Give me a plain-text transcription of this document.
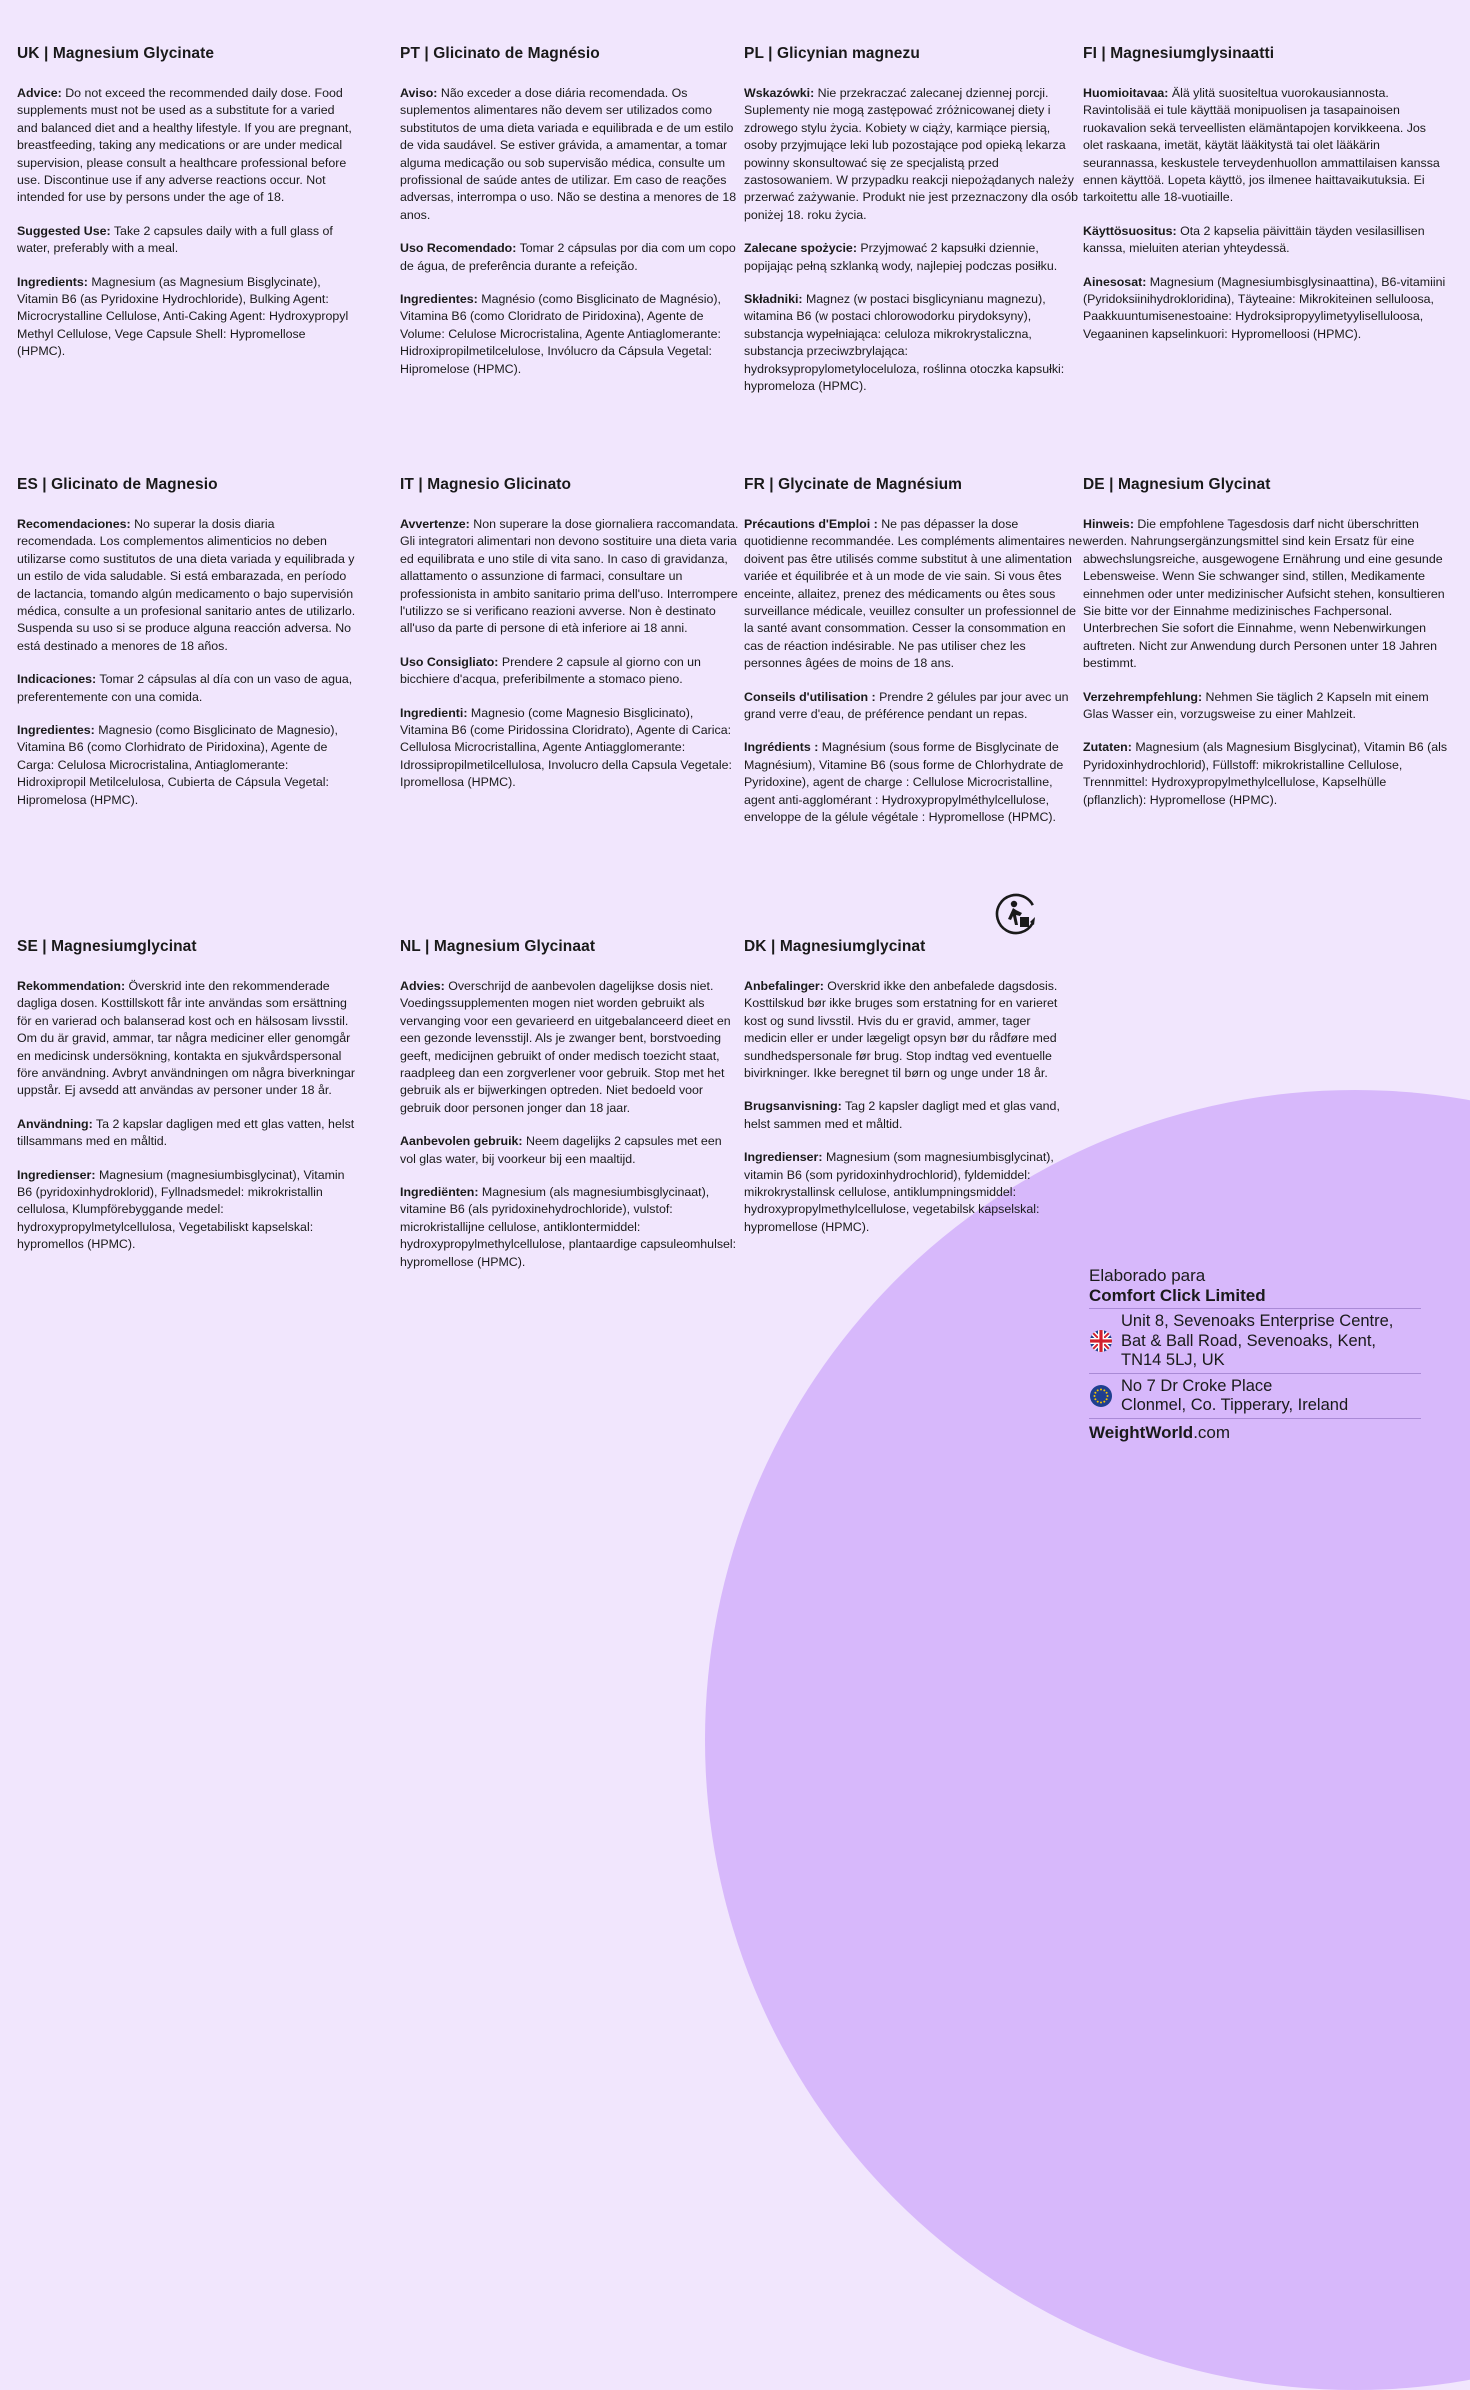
UK | Magnesium Glycinate

Advice: Do not exceed the recommended daily dose. Food supplements must not be used as a substitute for a varied and balanced diet and a healthy lifestyle. If you are pregnant, breastfeeding, taking any medications or are under medical supervision, please consult a healthcare professional before use. Discontinue use if any adverse reactions occur. Not intended for use by persons under the age of 18.

Suggested Use: Take 2 capsules daily with a full glass of water, preferably with a meal.

Ingredients: Magnesium (as Magnesium Bisglycinate), Vitamin B6 (as Pyridoxine Hydrochloride), Bulking Agent: Microcrystalline Cellulose, Anti-Caking Agent: Hydroxypropyl Methyl Cellulose, Vege Capsule Shell: Hypromellose (HPMC).

PT | Glicinato de Magnésio

Aviso: Não exceder a dose diária recomendada. Os suplementos alimentares não devem ser utilizados como substitutos de uma dieta variada e equilibrada e de um estilo de vida saudável. Se estiver grávida, a amamentar, a tomar alguma medicação ou sob supervisão médica, consulte um profissional de saúde antes de utilizar. Em caso de reações adversas, interrompa o uso. Não se destina a menores de 18 anos.

Uso Recomendado: Tomar 2 cápsulas por dia com um copo de água, de preferência durante a refeição.

Ingredientes: Magnésio (como Bisglicinato de Magnésio), Vitamina B6 (como Cloridrato de Piridoxina), Agente de Volume: Celulose Microcristalina, Agente Antiaglomerante: Hidroxipropilmetilcelulose, Invólucro da Cápsula Vegetal: Hipromelose (HPMC).

PL | Glicynian magnezu

Wskazówki: Nie przekraczać zalecanej dziennej porcji. Suplementy nie mogą zastępować zróżnicowanej diety i zdrowego stylu życia. Kobiety w ciąży, karmiące piersią, osoby przyjmujące leki lub pozostające pod opieką lekarza powinny skonsultować się ze specjalistą przed zastosowaniem. W przypadku reakcji niepożądanych należy przerwać zażywanie. Produkt nie jest przeznaczony dla osób poniżej 18. roku życia.

Zalecane spożycie: Przyjmować 2 kapsułki dziennie, popijając pełną szklanką wody, najlepiej podczas posiłku.

Składniki: Magnez (w postaci bisglicynianu magnezu), witamina B6 (w postaci chlorowodorku pirydoksyny), substancja wypełniająca: celuloza mikrokrystaliczna, substancja przeciwzbrylająca: hydroksypropylometyloceluloza, roślinna otoczka kapsułki: hypromeloza (HPMC).

FI | Magnesiumglysinaatti

Huomioitavaa: Älä ylitä suositeltua vuorokausiannosta. Ravintolisää ei tule käyttää monipuolisen ja tasapainoisen ruokavalion sekä terveellisten elämäntapojen korvikkeena. Jos olet raskaana, imetät, käytät lääkitystä tai olet lääkärin seurannassa, keskustele terveydenhuollon ammattilaisen kanssa ennen käyttöä. Lopeta käyttö, jos ilmenee haittavaikutuksia. Ei tarkoitettu alle 18-vuotiaille.

Käyttösuositus: Ota 2 kapselia päivittäin täyden vesilasillisen kanssa, mieluiten aterian yhteydessä.

Ainesosat: Magnesium (Magnesiumbisglysinaattina), B6-vitamiini (Pyridoksiinihydrokloridina), Täyteaine: Mikrokiteinen selluloosa, Paakkuuntumisenestoaine: Hydroksipropyylimetyyliselluloosa, Vegaaninen kapselinkuori: Hypromelloosi (HPMC).

ES | Glicinato de Magnesio

Recomendaciones: No superar la dosis diaria recomendada. Los complementos alimenticios no deben utilizarse como sustitutos de una dieta variada y equilibrada y un estilo de vida saludable. Si está embarazada, en período de lactancia, tomando algún medicamento o bajo supervisión médica, consulte a un profesional sanitario antes de utilizarlo. Suspenda su uso si se produce alguna reacción adversa. No está destinado a menores de 18 años.

Indicaciones: Tomar 2 cápsulas al día con un vaso de agua, preferentemente con una comida.

Ingredientes: Magnesio (como Bisglicinato de Magnesio), Vitamina B6 (como Clorhidrato de Piridoxina), Agente de Carga: Celulosa Microcristalina, Antiaglomerante: Hidroxipropil Metilcelulosa, Cubierta de Cápsula Vegetal: Hipromelosa (HPMC).

IT | Magnesio Glicinato

Avvertenze: Non superare la dose giornaliera raccomandata. Gli integratori alimentari non devono sostituire una dieta varia ed equilibrata e uno stile di vita sano. In caso di gravidanza, allattamento o assunzione di farmaci, consultare un professionista in ambito sanitario prima dell'uso. Interrompere l'utilizzo se si verificano reazioni avverse. Non è destinato all'uso da parte di persone di età inferiore ai 18 anni.

Uso Consigliato: Prendere 2 capsule al giorno con un bicchiere d'acqua, preferibilmente a stomaco pieno.

Ingredienti: Magnesio (come Magnesio Bisglicinato), Vitamina B6 (come Piridossina Cloridrato), Agente di Carica: Cellulosa Microcristallina, Agente Antiagglomerante: Idrossipropilmetilcellulosa, Involucro della Capsula Vegetale: Ipromellosa (HPMC).

FR | Glycinate de Magnésium

Précautions d'Emploi : Ne pas dépasser la dose quotidienne recommandée. Les compléments alimentaires ne doivent pas être utilisés comme substitut à une alimentation variée et équilibrée et à un mode de vie sain. Si vous êtes enceinte, allaitez, prenez des médicaments ou êtes sous surveillance médicale, veuillez consulter un professionnel de la santé avant consommation. Cesser la consommation en cas de réaction indésirable. Ne pas utiliser chez les personnes âgées de moins de 18 ans.

Conseils d'utilisation : Prendre 2 gélules par jour avec un grand verre d'eau, de préférence pendant un repas.

Ingrédients : Magnésium (sous forme de Bisglycinate de Magnésium), Vitamine B6 (sous forme de Chlorhydrate de Pyridoxine), agent de charge : Cellulose Microcristalline, agent anti-agglomérant : Hydroxypropylméthylcellulose, enveloppe de la gélule végétale : Hypromellose (HPMC).

DE | Magnesium Glycinat

Hinweis: Die empfohlene Tagesdosis darf nicht überschritten werden. Nahrungsergänzungsmittel sind kein Ersatz für eine abwechslungsreiche, ausgewogene Ernährung und eine gesunde Lebensweise. Wenn Sie schwanger sind, stillen, Medikamente einnehmen oder unter medizinischer Aufsicht stehen, konsultieren Sie bitte vor der Einnahme medizinisches Fachpersonal. Unterbrechen Sie sofort die Einnahme, wenn Nebenwirkungen auftreten. Nicht zur Anwendung durch Personen unter 18 Jahren bestimmt.

Verzehrempfehlung: Nehmen Sie täglich 2 Kapseln mit einem Glas Wasser ein, vorzugsweise zu einer Mahlzeit.

Zutaten: Magnesium (als Magnesium Bisglycinat), Vitamin B6 (als Pyridoxinhydrochlorid), Füllstoff: mikrokristalline Cellulose, Trennmittel: Hydroxypropylmethylcellulose, Kapselhülle (pflanzlich): Hypromellose (HPMC).

SE | Magnesiumglycinat

Rekommendation: Överskrid inte den rekommenderade dagliga dosen. Kosttillskott får inte användas som ersättning för en varierad och balanserad kost och en hälsosam livsstil. Om du är gravid, ammar, tar några mediciner eller genomgår en medicinsk undersökning, kontakta en sjukvårdspersonal före användning. Avbryt användningen om några biverkningar uppstår. Ej avsedd att användas av personer under 18 år.

Användning: Ta 2 kapslar dagligen med ett glas vatten, helst tillsammans med en måltid.

Ingredienser: Magnesium (magnesiumbisglycinat), Vitamin B6 (pyridoxinhydroklorid), Fyllnadsmedel: mikrokristallin cellulosa, Klumpförebyggande medel: hydroxypropylmetylcellulosa, Vegetabiliskt kapselskal: hypromellos (HPMC).

NL | Magnesium Glycinaat

Advies: Overschrijd de aanbevolen dagelijkse dosis niet. Voedingssupplementen mogen niet worden gebruikt als vervanging voor een gevarieerd en uitgebalanceerd dieet en een gezonde levensstijl. Als je zwanger bent, borstvoeding geeft, medicijnen gebruikt of onder medisch toezicht staat, raadpleeg dan een zorgverlener voor gebruik. Stop met het gebruik als er bijwerkingen optreden. Niet bedoeld voor gebruik door personen jonger dan 18 jaar.

Aanbevolen gebruik: Neem dagelijks 2 capsules met een vol glas water, bij voorkeur bij een maaltijd.

Ingrediënten: Magnesium (als magnesiumbisglycinaat), vitamine B6 (als pyridoxinehydrochloride), vulstof: microkristallijne cellulose, antiklontermiddel: hydroxypropylmethylcellulose, plantaardige capsuleomhulsel: hypromellose (HPMC).

DK | Magnesiumglycinat

Anbefalinger: Overskrid ikke den anbefalede dagsdosis. Kosttilskud bør ikke bruges som erstatning for en varieret kost og sund livsstil. Hvis du er gravid, ammer, tager medicin eller er under lægeligt opsyn bør du rådføre med sundhedspersonale før brug. Stop indtag ved eventuelle bivirkninger. Ikke beregnet til børn og unge under 18 år.

Brugsanvisning: Tag 2 kapsler dagligt med et glas vand, helst sammen med et måltid.

Ingredienser: Magnesium (som magnesiumbisglycinat), vitamin B6 (som pyridoxinhydrochlorid), fyldemiddel: mikrokrystallinsk cellulose, antiklumpningsmiddel: hydroxypropylmethylcellulose, vegetabilsk kapselskal: hypromellose (HPMC).

Elaborado para
Comfort Click Limited
Unit 8, Sevenoaks Enterprise Centre,
Bat & Ball Road, Sevenoaks, Kent,
TN14 5LJ, UK
No 7 Dr Croke Place
Clonmel, Co. Tipperary, Ireland
WeightWorld.com
